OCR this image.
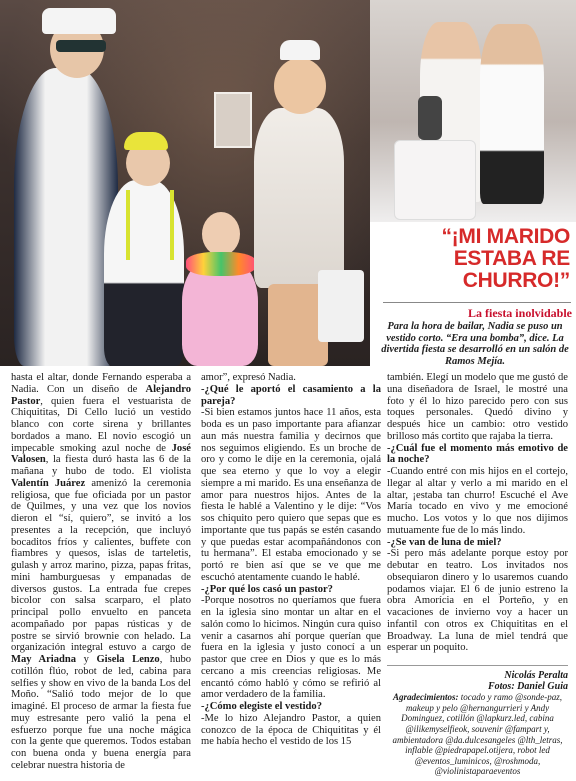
“¡MI MARIDO ESTABA RE CHURRO!”
La fiesta inolvidable
Para la hora de bailar, Nadia se puso un vestido corto. “Era una bomba”, dice. La divertida fiesta se desarrolló en un salón de Ramos Mejía.
hasta el altar, donde Fernando esperaba a Nadia. Con un diseño de Alejandro Pastor, quien fuera el vestuarista de Chiquititas, Di Cello lució un vestido blanco con corte sirena y brillantes bordados a mano. El novio escogió un impecable smoking azul noche de José Valosen, la fiesta duró hasta las 6 de la mañana y hubo de todo. El violista Valentín Juárez amenizó la ceremonia religiosa, que fue oficiada por un pastor de Quilmes, y una vez que los novios dieron el “sí, quiero”, se invitó a los presentes a la recepción, que incluyó bocaditos fríos y calientes, buffete con fiambres y quesos, islas de tarteletis, gulash y arroz marino, pizza, papas fritas, mini hamburguesas y empanadas de diversos gustos. La entrada fue crepes bicolor con salsa scarparo, el plato principal pollo envuelto en panceta acompañado por papas rústicas y de postre se sirvió brownie con helado. La organización integral estuvo a cargo de May Ariadna y Gisela Lenzo, hubo cotillón flúo, robot de led, cabina para selfies y show en vivo de la banda Los del Moño. “Salió todo mejor de lo que imaginé. El proceso de armar la fiesta fue muy estresante pero valió la pena el esfuerzo porque fue una noche mágica con la gente que queremos. Todos estaban con buena onda y buena energía para celebrar nuestra historia de
amor”, expresó Nadia.
-¿Qué le aportó el casamiento a la pareja?
-Si bien estamos juntos hace 11 años, esta boda es un paso importante para afianzar aun más nuestra familia y decirnos que nos seguimos eligiendo. Es un broche de oro y como le dije en la ceremonia, ojalá que sea eterno y que lo voy a elegir siempre a mi marido. Es una enseñanza de amor para nuestros hijos. Antes de la fiesta le hablé a Valentino y le dije: “Vos sos chiquito pero quiero que sepas que es importante que tus papás se estén casando y que puedas estar acompañándonos con tu hermana”. El estaba emocionado y se portó re bien así que se ve que me escuchó atentamente cuando le hablé.
-¿Por qué los casó un pastor?
-Porque nosotros no queríamos que fuera en la iglesia sino montar un altar en el salón como lo hicimos. Ningún cura quiso venir a casarnos ahí porque querían que fuera en la iglesia y justo conocí a un pastor que cree en Dios y que es lo más cercano a mis creencias religiosas. Me encantó cómo habló y cómo se refirió al amor verdadero de la familia.
-¿Cómo elegiste el vestido?
-Me lo hizo Alejandro Pastor, a quien conozco de la época de Chiquititas y él me había hecho el vestido de los 15
también. Elegí un modelo que me gustó de una diseñadora de Israel, le mostré una foto y él lo hizo parecido pero con sus toques personales. Quedó divino y después hice un cambio: otro vestido brilloso más cortito que rajaba la tierra.
-¿Cuál fue el momento más emotivo de la noche?
-Cuando entré con mis hijos en el cortejo, llegar al altar y verlo a mi marido en el altar, ¡estaba tan churro! Escuché el Ave María tocado en vivo y me emocioné mucho. Los votos y lo que nos dijimos mutuamente fue de lo más lindo.
-¿Se van de luna de miel?
-Si pero más adelante porque estoy por debutar en teatro. Los invitados nos obsequiaron dinero y lo usaremos cuando podamos viajar. El 6 de junio estreno la obra Amorícia en el Porteño, y en vacaciones de invierno voy a hacer un infantil con otros ex Chiquititas en el Broadway. La luna de miel tendrá que esperar un poquito.
Nicolás Peralta
Fotos: Daniel Guia
Agradecimientos: tocado y ramo @sonde-paz, makeup y pelo @hernangurrieri y Andy Dominguez, cotillón @lapkurz.led, cabina @ilikemyselfieok, souvenir @fampart y, ambientadora @da.dulcesangeles @lth_letras, inflable @piedrapapel.otijera, robot led @eventos_luminicos, @roshmoda, @violinistaparaeventos
